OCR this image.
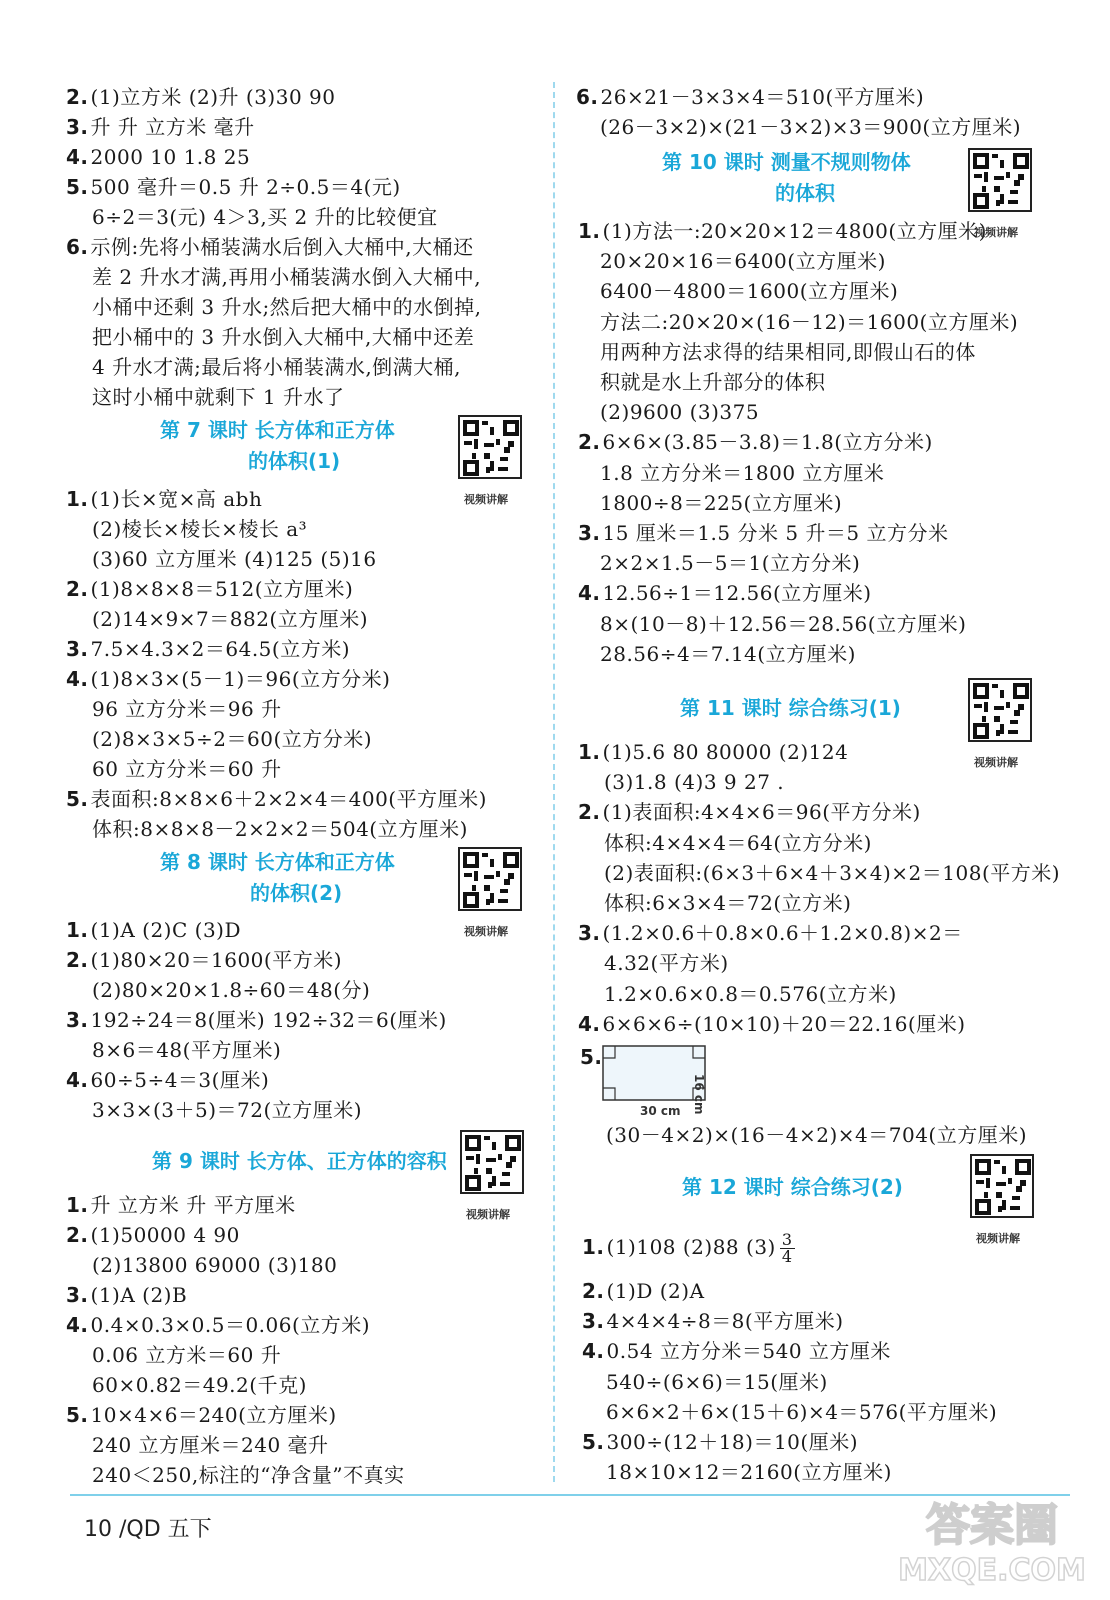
2. (1)立方米 (2)升 (3)30 90
3. 升 升 立方米 毫升
4. 2000 10 1.8 25
5. 500 毫升＝0.5 升 2÷0.5＝4(元)
6÷2＝3(元) 4＞3,买 2 升的比较便宜
6. 示例:先将小桶装满水后倒入大桶中,大桶还
差 2 升水才满,再用小桶装满水倒入大桶中,
小桶中还剩 3 升水;然后把大桶中的水倒掉,
把小桶中的 3 升水倒入大桶中,大桶中还差
4 升水才满;最后将小桶装满水,倒满大桶,
这时小桶中就剩下 1 升水了
1. (1)长×宽×高 abh
(2)棱长×棱长×棱长 a³
(3)60 立方厘米 (4)125 (5)16
2. (1)8×8×8＝512(立方厘米)
(2)14×9×7＝882(立方厘米)
3. 7.5×4.3×2＝64.5(立方米)
4. (1)8×3×(5－1)＝96(立方分米)
96 立方分米＝96 升
(2)8×3×5÷2＝60(立方分米)
60 立方分米＝60 升
5. 表面积:8×8×6＋2×2×4＝400(平方厘米)
体积:8×8×8－2×2×2＝504(立方厘米)
1. (1)A (2)C (3)D
2. (1)80×20＝1600(平方米)
(2)80×20×1.8÷60＝48(分)
3. 192÷24＝8(厘米) 192÷32＝6(厘米)
8×6＝48(平方厘米)
4. 60÷5÷4＝3(厘米)
3×3×(3＋5)＝72(立方厘米)
1. 升 立方米 升 平方厘米
2. (1)50000 4 90
(2)13800 69000 (3)180
3. (1)A (2)B
4. 0.4×0.3×0.5＝0.06(立方米)
0.06 立方米＝60 升
60×0.82＝49.2(千克)
5. 10×4×6＝240(立方厘米)
240 立方厘米＝240 毫升
240＜250,标注的“净含量”不真实
6. 26×21－3×3×4＝510(平方厘米)
(26－3×2)×(21－3×2)×3＝900(立方厘米)
1. (1)方法一:20×20×12＝4800(立方厘米)
20×20×16＝6400(立方厘米)
6400－4800＝1600(立方厘米)
方法二:20×20×(16－12)＝1600(立方厘米)
用两种方法求得的结果相同,即假山石的体
积就是水上升部分的体积
(2)9600 (3)375
2. 6×6×(3.85－3.8)＝1.8(立方分米)
1.8 立方分米＝1800 立方厘米
1800÷8＝225(立方厘米)
3. 15 厘米＝1.5 分米 5 升＝5 立方分米
2×2×1.5－5＝1(立方分米)
4. 12.56÷1＝12.56(立方厘米)
8×(10－8)＋12.56＝28.56(立方厘米)
28.56÷4＝7.14(立方厘米)
1. (1)5.6 80 80000 (2)124
(3)1.8 (4)3 9 27 .
2. (1)表面积:4×4×6＝96(平方分米)
体积:4×4×4＝64(立方分米)
(2)表面积:(6×3＋6×4＋3×4)×2＝108(平方米)
体积:6×3×4＝72(立方米)
3. (1.2×0.6＋0.8×0.6＋1.2×0.8)×2＝
4.32(平方米)
1.2×0.6×0.8＝0.576(立方米)
4. 6×6×6÷(10×10)＋20＝22.16(厘米)
2. (1)D (2)A
3. 4×4×4÷8＝8(平方厘米)
4. 0.54 立方分米＝540 立方厘米
540÷(6×6)＝15(厘米)
6×6×2＋6×(15＋6)×4＝576(平方厘米)
5. 300÷(12＋18)＝10(厘米)
18×10×12＝2160(立方厘米)
第 7 课时 长方体和正方体
的体积(1)
第 8 课时 长方体和正方体
的体积(2)
第 9 课时 长方体、正方体的容积
第 10 课时 测量不规则物体
的体积
第 11 课时 综合练习(1)
第 12 课时 综合练习(2)
视频讲解
视频讲解
视频讲解
视频讲解
视频讲解
视频讲解
5.
30 cm 16 cm
(30－4×2)×(16－4×2)×4＝704(立方厘米)
1. (1)108 (2)88 $(3) \frac{3}{4}$
10 /QD 五下	答案圈
MXQE.COM
